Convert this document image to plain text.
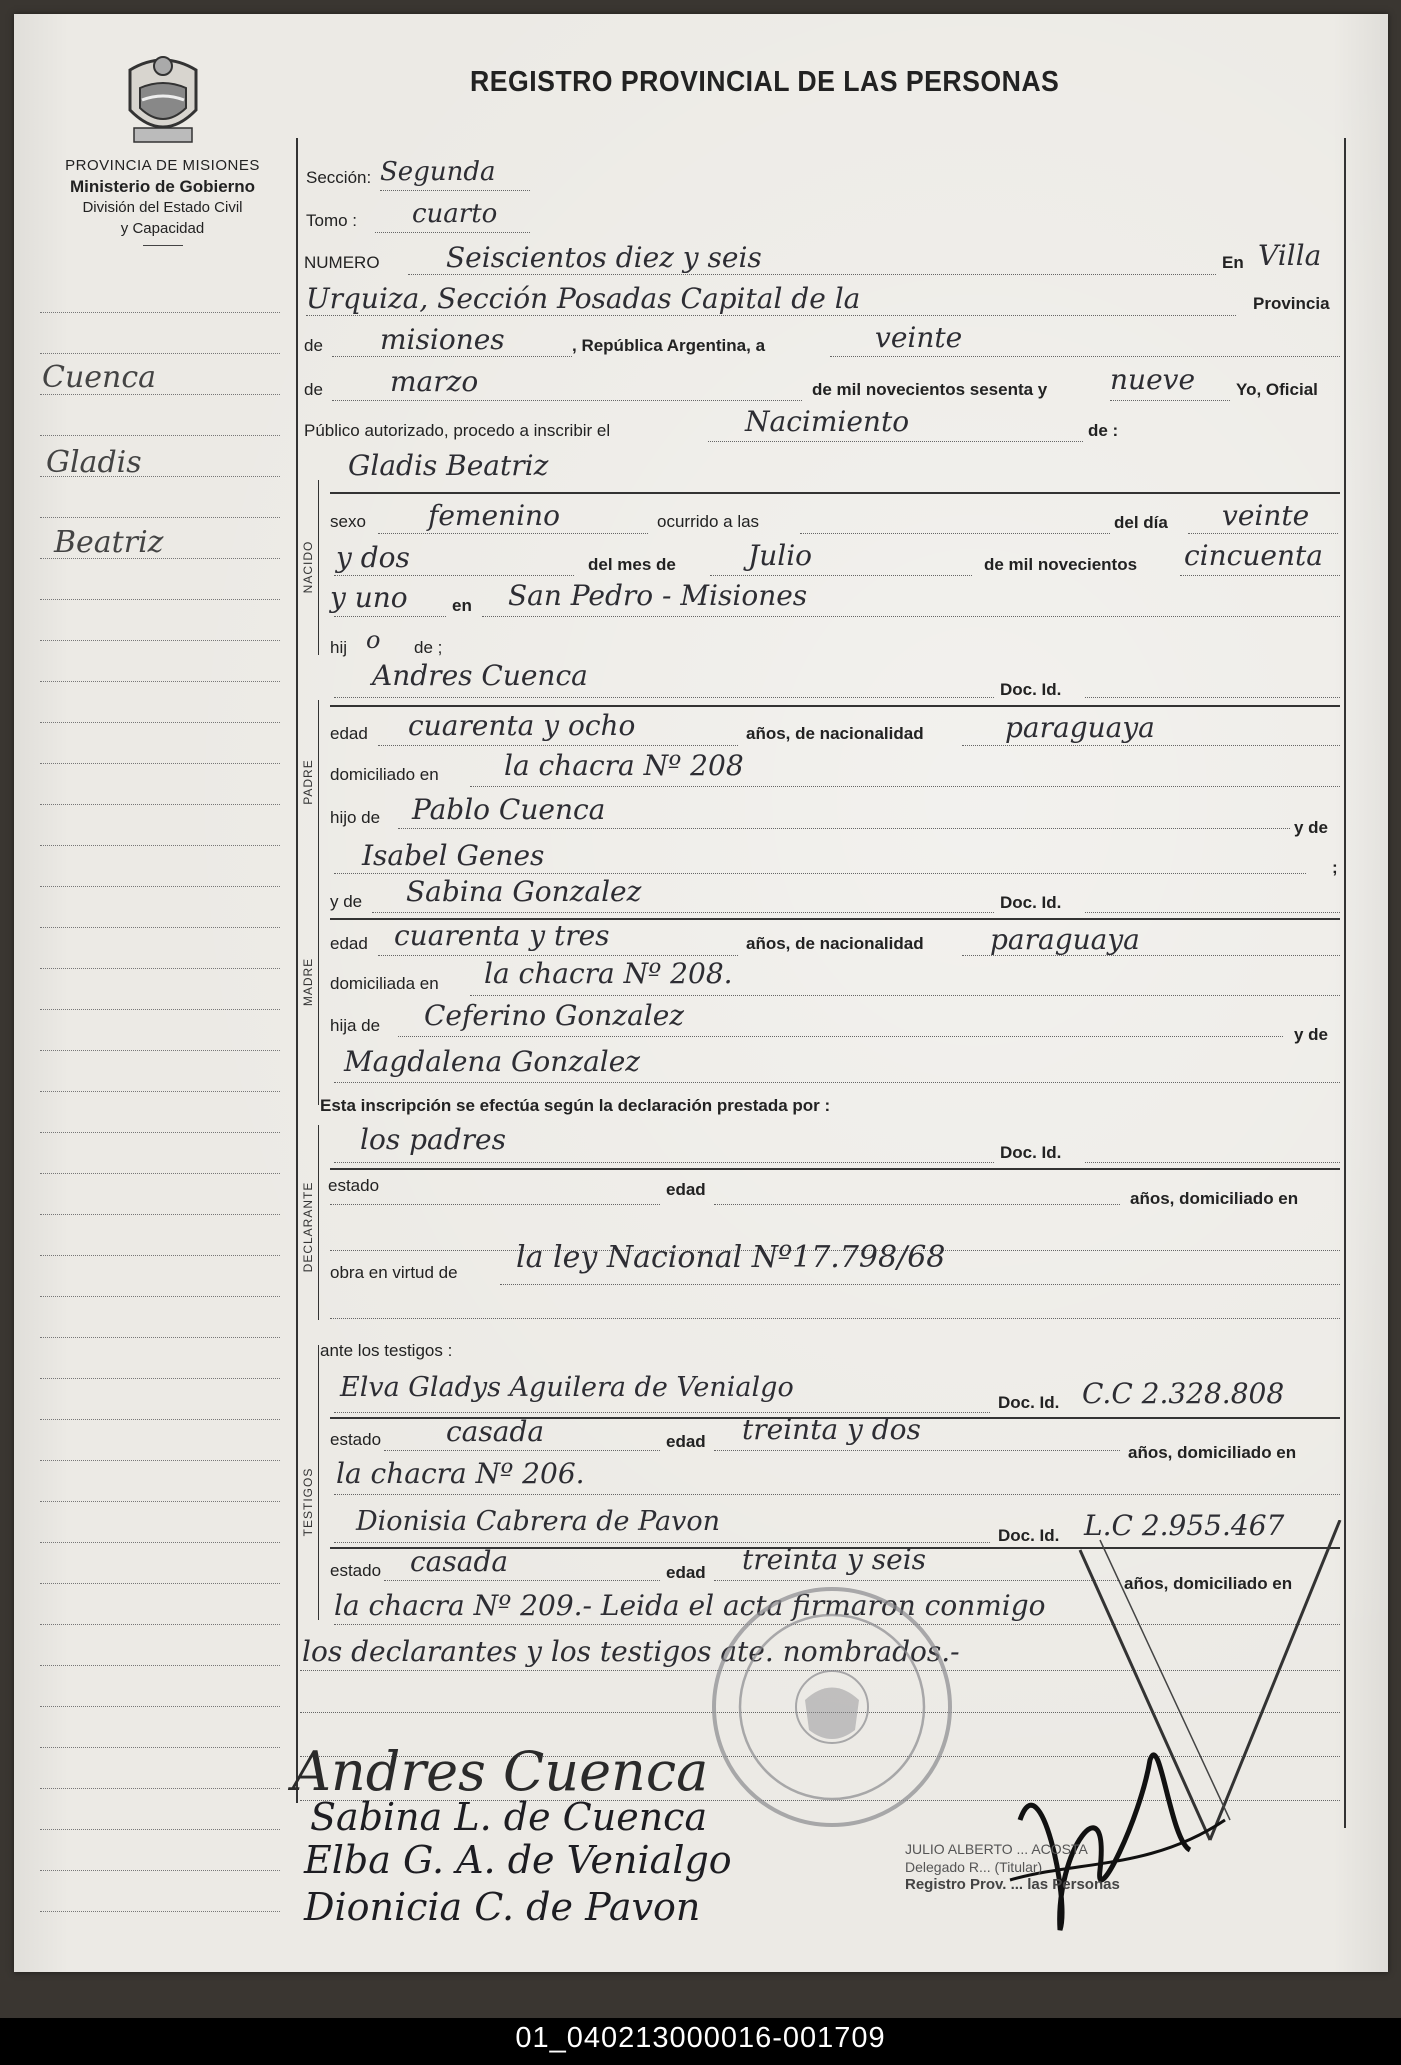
PROVINCIA DE MISIONES
Ministerio de Gobierno
División del Estado Civil
y Capacidad
REGISTRO PROVINCIAL DE LAS PERSONAS
Cuenca
Gladis
Beatriz	NACIDO
PADRE
MADRE
DECLARANTE
TESTIGOS
Sección: Segunda
Tomo : cuarto
NUMERO Seiscientos diez y seis	En Villa
Urquiza, Sección Posadas Capital de la	Provincia
de misiones	, República Argentina, a	veinte
de marzo	de mil novecientos sesenta y nueve Yo, Oficial
Público autorizado, procedo a inscribir el	Nacimiento	de :
Gladis Beatriz
sexo femenino	ocurrido a las	del día veinte
y dos	del mes de	Julio	de mil novecientos cincuenta
y uno	en San Pedro - Misiones
hij o de ;
Andres Cuenca	Doc. Id.
edad cuarenta y ocho	años, de nacionalidad	paraguaya
domiciliado en la chacra Nº 208
hijo de Pablo Cuenca
y de
Isabel Genes	;
y de Sabina Gonzalez	Doc. Id.
edad cuarenta y tres	años, de nacionalidad paraguaya
domiciliada en la chacra Nº 208.
hija de Ceferino Gonzalez
y de
Magdalena Gonzalez
Esta inscripción se efectúa según la declaración prestada por :
los padres	Doc. Id.
estado	edad	años, domiciliado en
obra en virtud de la ley Nacional Nº17.798/68
ante los testigos :
Elva Gladys Aguilera de Venialgo	Doc. Id. C.C 2.328.808
estado casada	edad treinta y dos
años, domiciliado en
la chacra Nº 206.
Dionisia Cabrera de Pavon	Doc. Id. L.C 2.955.467
estado casada	edad treinta y seis
años, domiciliado en
la chacra Nº 209.- Leida el acta firmaron conmigo
los declarantes y los testigos ate. nombrados.-
Andres Cuenca
Sabina L. de Cuenca
Elba G. A. de Venialgo
Dionicia C. de Pavon
JULIO ALBERTO ... ACOSTA
Delegado R... (Titular)
Registro Prov. ... las Personas
01_040213000016-001709
